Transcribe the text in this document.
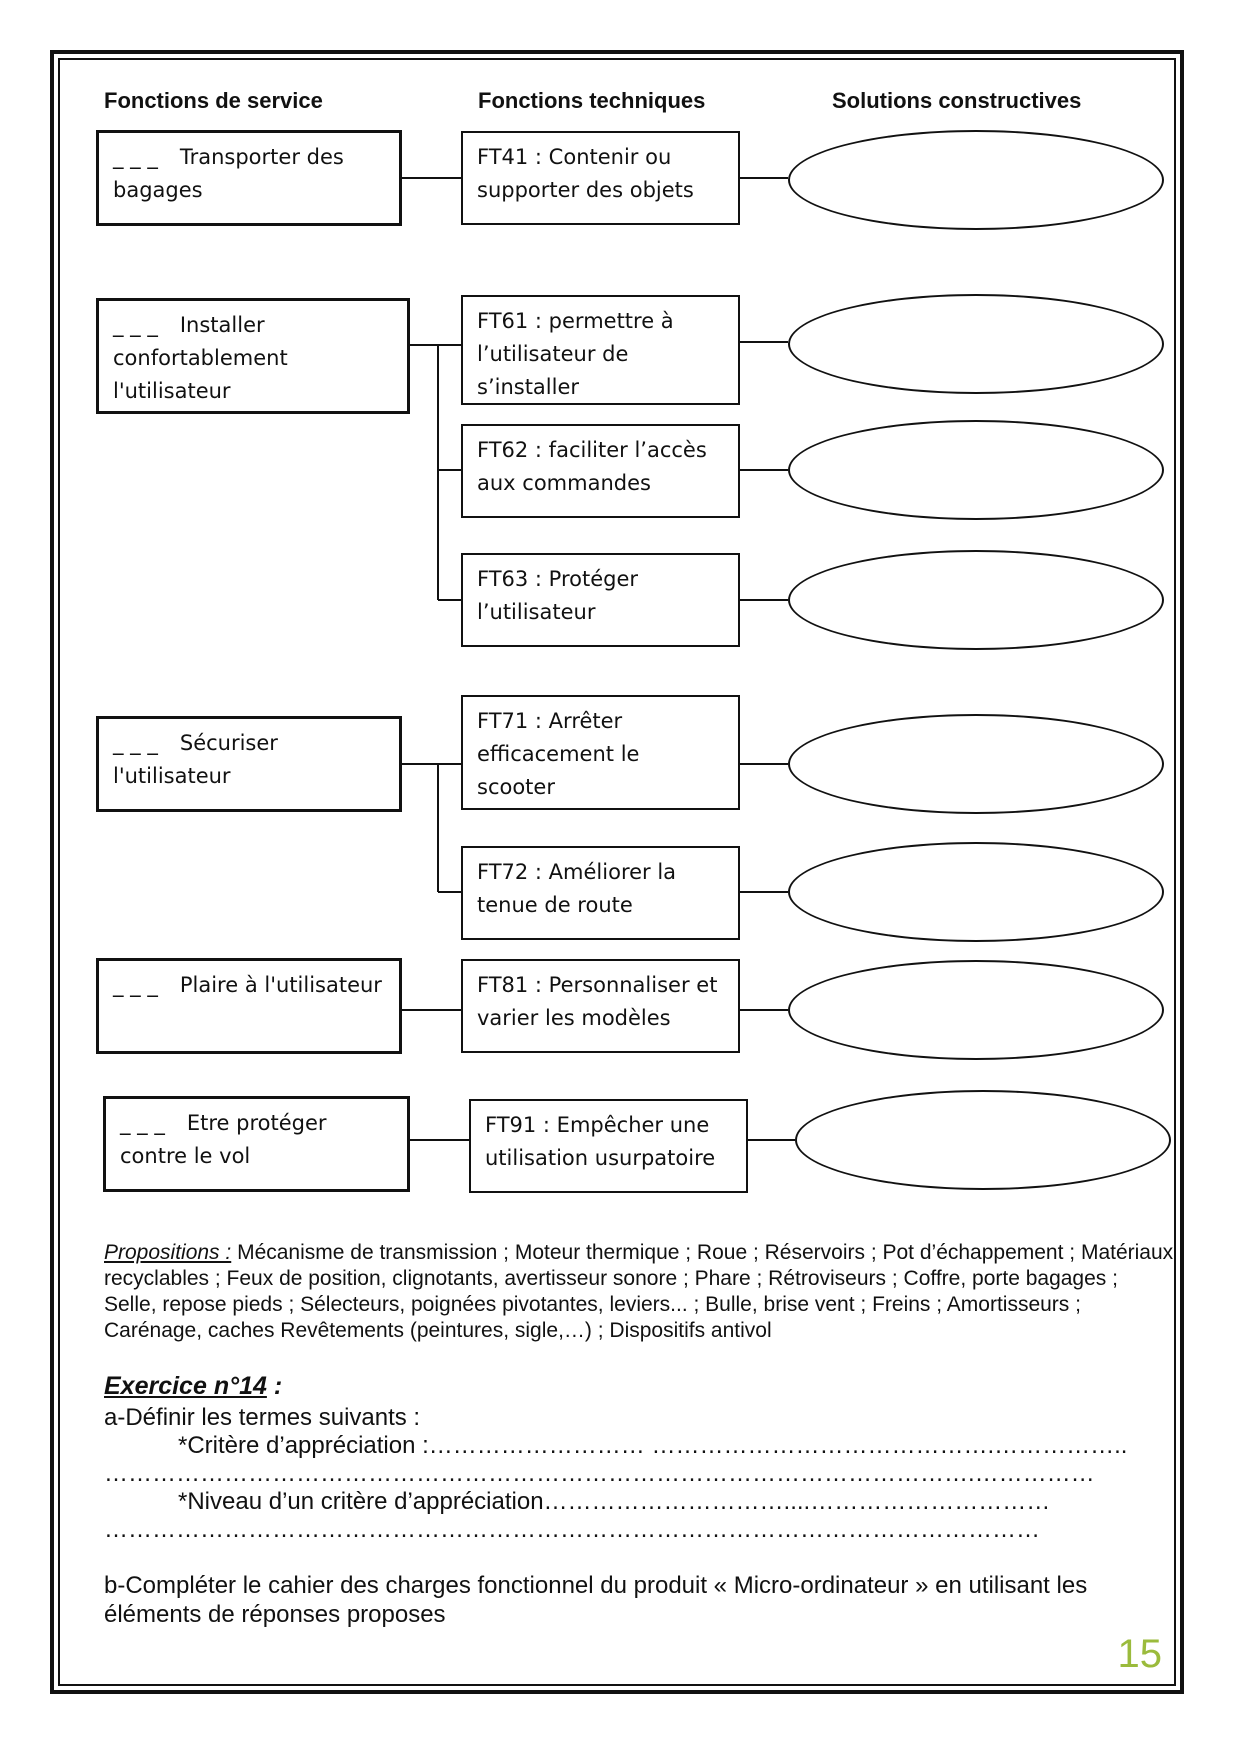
Fonctions de service	Fonctions techniques	Solutions constructives
_ _ _ Transporter des bagages
_ _ _ Installer confortablement l'utilisateur
_ _ _ Sécuriser l'utilisateur
_ _ _ Plaire à l'utilisateur
_ _ _ Etre protéger contre le vol
FT41 : Contenir ou supporter des objets
FT61 : permettre à l’utilisateur de s’installer
FT62 : faciliter l’accès aux commandes
FT63 : Protéger l’utilisateur
FT71 : Arrêter efficacement le scooter
FT72 : Améliorer la tenue de route
FT81 : Personnaliser et varier les modèles
FT91 : Empêcher une utilisation usurpatoire
Propositions : Mécanisme de transmission ; Moteur thermique ; Roue ; Réservoirs ; Pot d’échappement ; Matériaux recyclables ; Feux de position, clignotants, avertisseur sonore ; Phare ; Rétroviseurs ; Coffre, porte bagages ; Selle, repose pieds ; Sélecteurs, poignées pivotantes, leviers... ; Bulle, brise vent ; Freins ; Amortisseurs ; Carénage, caches Revêtements (peintures, sigle,…) ; Dispositifs antivol
Exercice n°14 :
a-Définir les termes suivants :
*Critère d’appréciation :……………………… …………………………………….……………..
……………………………………………………………………………………………….……………
*Niveau d’un critère d’appréciation…………………………....…………………………
………………………………………………………………………………………………………
b-Compléter le cahier des charges fonctionnel du produit « Micro-ordinateur » en utilisant les
éléments de réponses proposes
15
